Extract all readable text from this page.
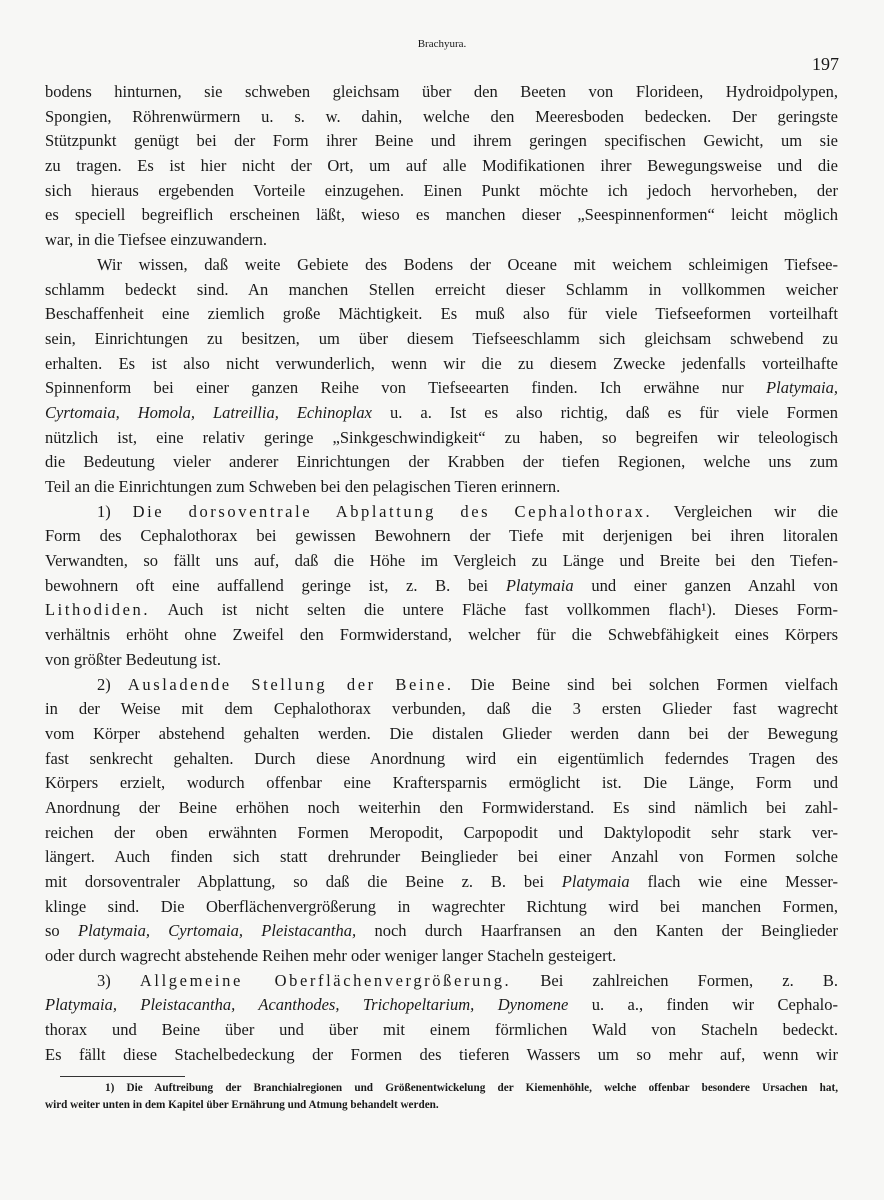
Brachyura.
197
bodens hinturnen, sie schweben gleichsam über den Beeten von Florideen, Hydroidpolypen,
Spongien, Röhrenwürmern u. s. w. dahin, welche den Meeresboden bedecken. Der geringste
Stützpunkt genügt bei der Form ihrer Beine und ihrem geringen specifischen Gewicht, um sie
zu tragen. Es ist hier nicht der Ort, um auf alle Modifikationen ihrer Bewegungsweise und die
sich hieraus ergebenden Vorteile einzugehen. Einen Punkt möchte ich jedoch hervorheben, der
es speciell begreiflich erscheinen läßt, wieso es manchen dieser „Seespinnenformen“ leicht möglich
war, in die Tiefsee einzuwandern.
Wir wissen, daß weite Gebiete des Bodens der Oceane mit weichem schleimigen Tiefsee-
schlamm bedeckt sind. An manchen Stellen erreicht dieser Schlamm in vollkommen weicher
Beschaffenheit eine ziemlich große Mächtigkeit. Es muß also für viele Tiefseeformen vorteilhaft
sein, Einrichtungen zu besitzen, um über diesem Tiefseeschlamm sich gleichsam schwebend zu
erhalten. Es ist also nicht verwunderlich, wenn wir die zu diesem Zwecke jedenfalls vorteilhafte
Spinnenform bei einer ganzen Reihe von Tiefseearten finden. Ich erwähne nur Platymaia,
Cyrtomaia, Homola, Latreillia, Echinoplax u. a. Ist es also richtig, daß es für viele Formen
nützlich ist, eine relativ geringe „Sinkgeschwindigkeit“ zu haben, so begreifen wir teleologisch
die Bedeutung vieler anderer Einrichtungen der Krabben der tiefen Regionen, welche uns zum
Teil an die Einrichtungen zum Schweben bei den pelagischen Tieren erinnern.
1) Die dorsoventrale Abplattung des Cephalothorax. Vergleichen wir die
Form des Cephalothorax bei gewissen Bewohnern der Tiefe mit derjenigen bei ihren litoralen
Verwandten, so fällt uns auf, daß die Höhe im Vergleich zu Länge und Breite bei den Tiefen-
bewohnern oft eine auffallend geringe ist, z. B. bei Platymaia und einer ganzen Anzahl von
Lithodiden. Auch ist nicht selten die untere Fläche fast vollkommen flach¹). Dieses Form-
verhältnis erhöht ohne Zweifel den Formwiderstand, welcher für die Schwebfähigkeit eines Körpers
von größter Bedeutung ist.
2) Ausladende Stellung der Beine. Die Beine sind bei solchen Formen vielfach
in der Weise mit dem Cephalothorax verbunden, daß die 3 ersten Glieder fast wagrecht
vom Körper abstehend gehalten werden. Die distalen Glieder werden dann bei der Bewegung
fast senkrecht gehalten. Durch diese Anordnung wird ein eigentümlich federndes Tragen des
Körpers erzielt, wodurch offenbar eine Kraftersparnis ermöglicht ist. Die Länge, Form und
Anordnung der Beine erhöhen noch weiterhin den Formwiderstand. Es sind nämlich bei zahl-
reichen der oben erwähnten Formen Meropodit, Carpopodit und Daktylopodit sehr stark ver-
längert. Auch finden sich statt drehrunder Beinglieder bei einer Anzahl von Formen solche
mit dorsoventraler Abplattung, so daß die Beine z. B. bei Platymaia flach wie eine Messer-
klinge sind. Die Oberflächenvergrößerung in wagrechter Richtung wird bei manchen Formen,
so Platymaia, Cyrtomaia, Pleistacantha, noch durch Haarfransen an den Kanten der Beinglieder
oder durch wagrecht abstehende Reihen mehr oder weniger langer Stacheln gesteigert.
3) Allgemeine Oberflächenvergrößerung. Bei zahlreichen Formen, z. B.
Platymaia, Pleistacantha, Acanthodes, Trichopeltarium, Dynomene u. a., finden wir Cephalo-
thorax und Beine über und über mit einem förmlichen Wald von Stacheln bedeckt.
Es fällt diese Stachelbedeckung der Formen des tieferen Wassers um so mehr auf, wenn wir
1) Die Auftreibung der Branchialregionen und Größenentwickelung der Kiemenhöhle, welche offenbar besondere Ursachen hat,
wird weiter unten in dem Kapitel über Ernährung und Atmung behandelt werden.
